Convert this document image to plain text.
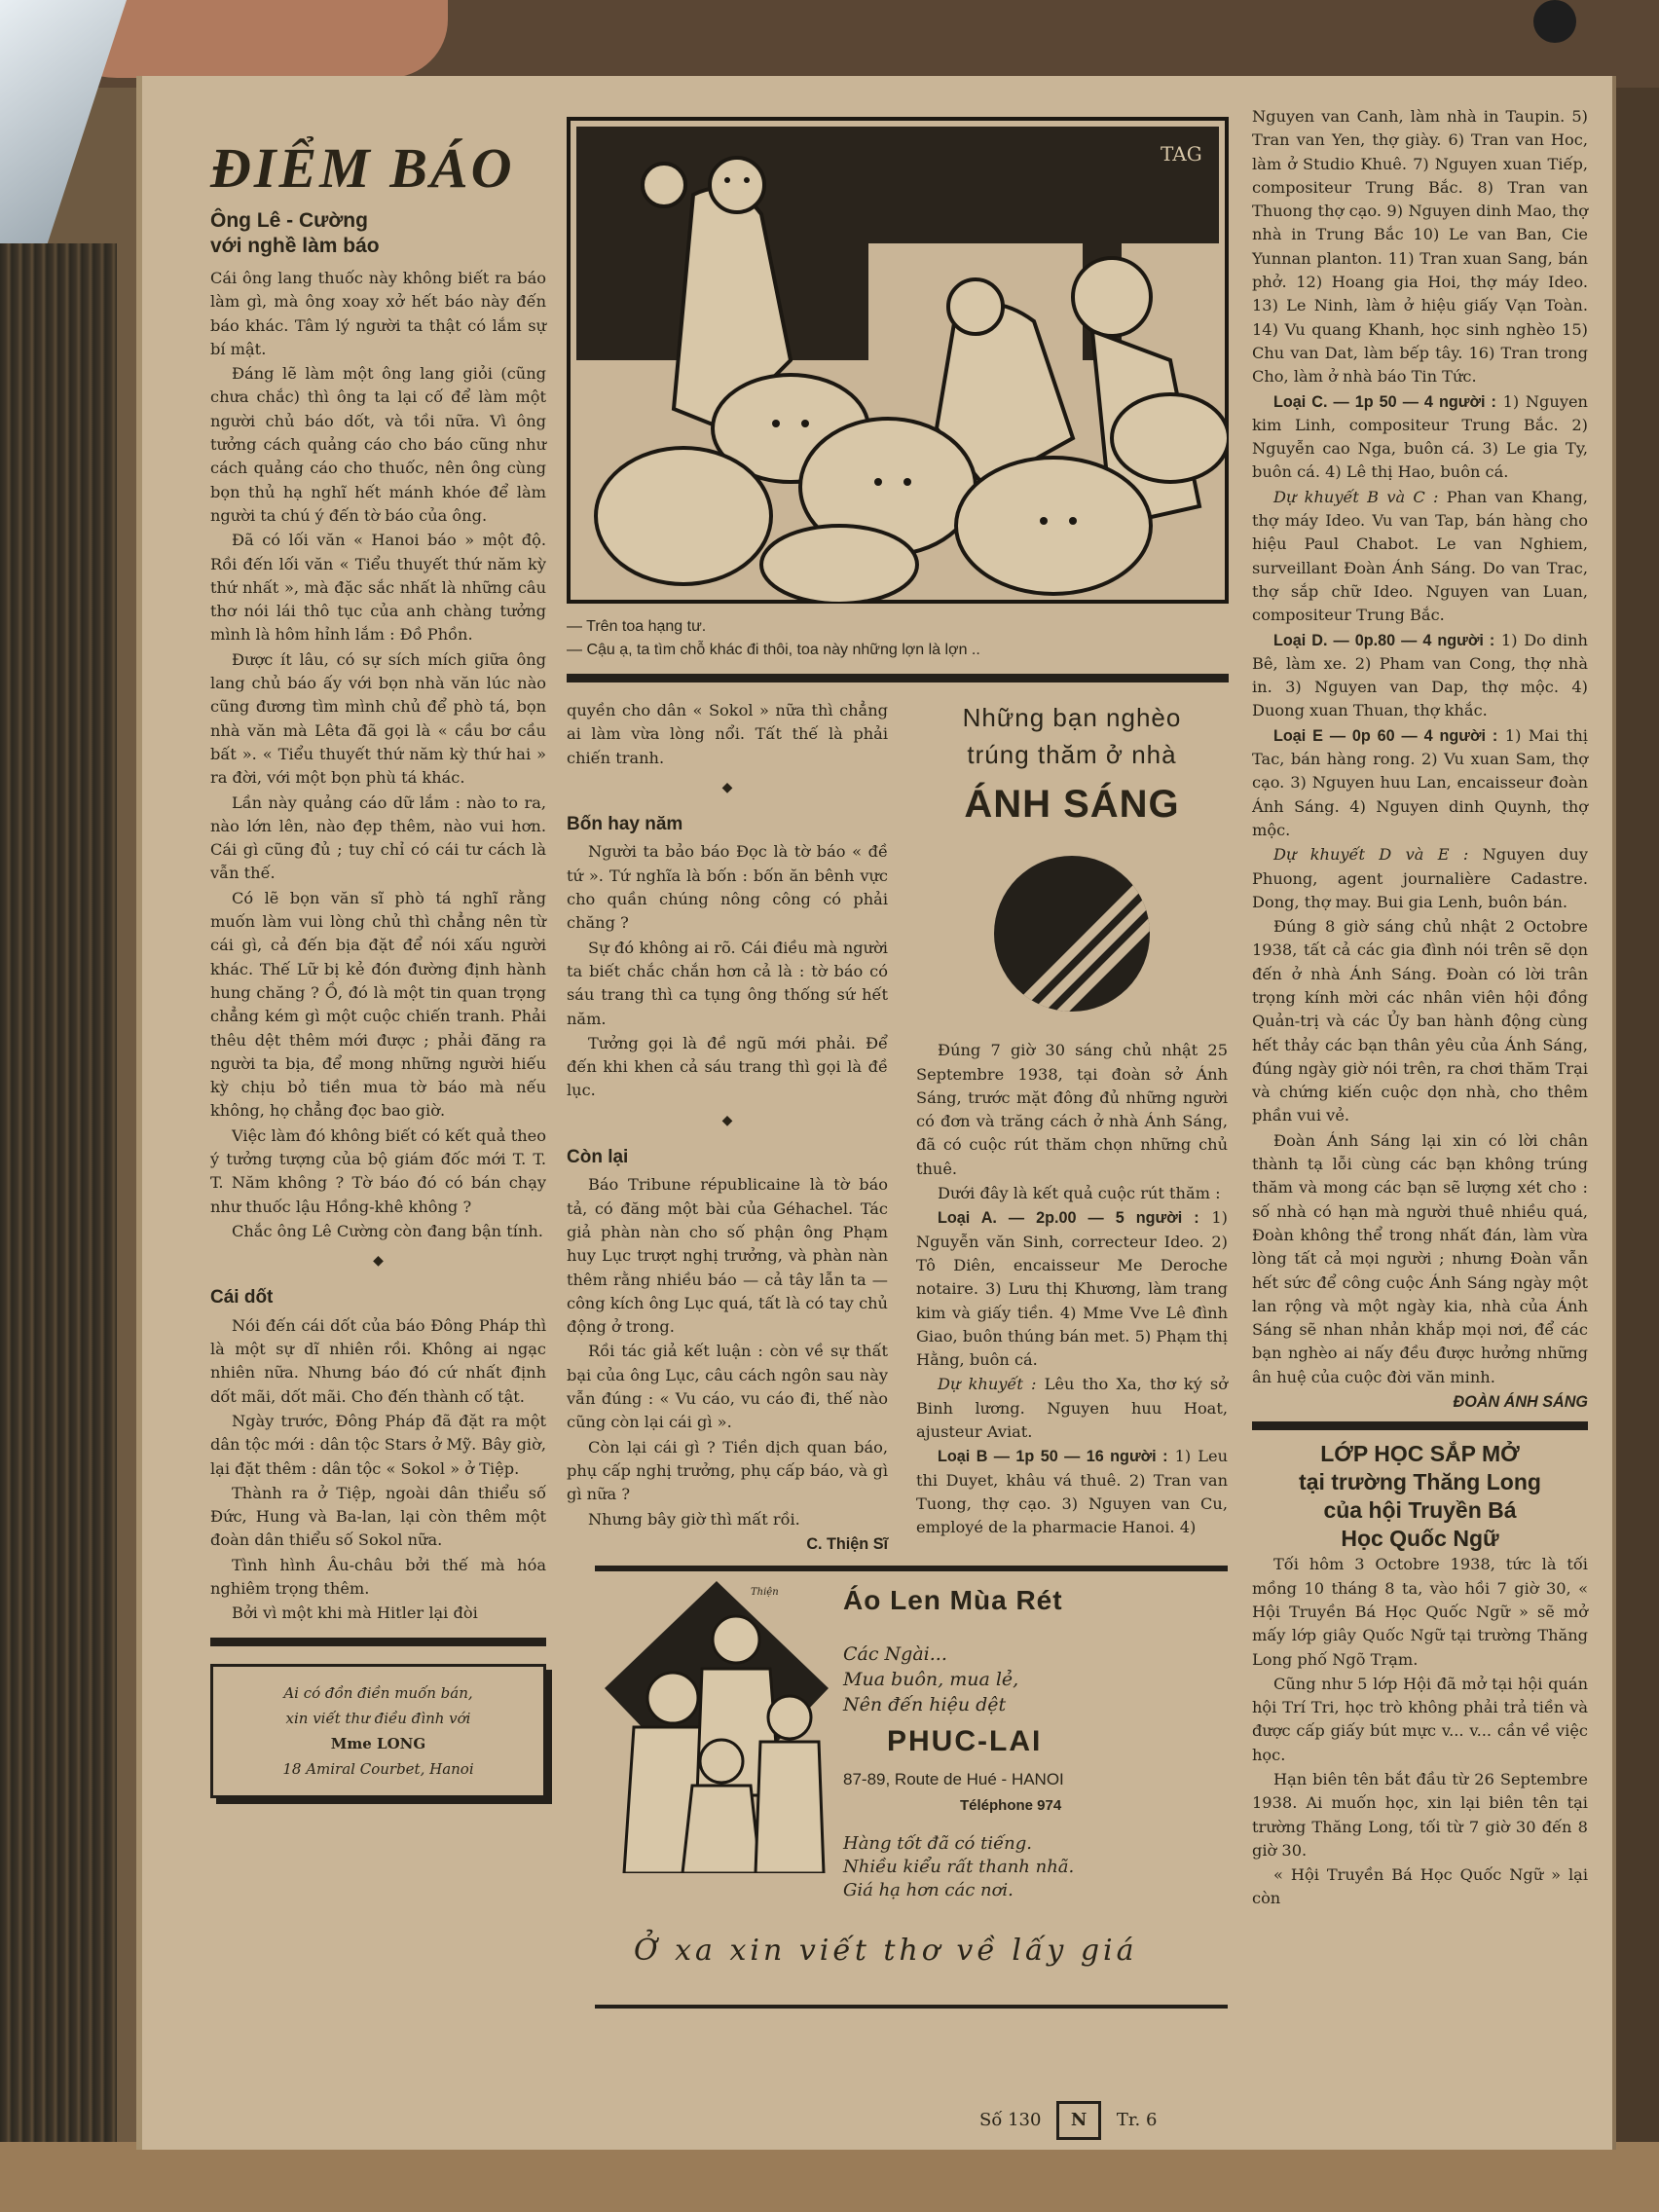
ĐIỂM BÁO
Ông Lê - Cường
với nghề làm báo

Cái ông lang thuốc này không biết ra báo làm gì, mà ông xoay xở hết báo này đến báo khác. Tâm lý người ta thật có lắm sự bí mật.

Đáng lẽ làm một ông lang giỏi (cũng chưa chắc) thì ông ta lại cố để làm một người chủ báo dốt, và tồi nữa. Vì ông tưởng cách quảng cáo cho báo cũng như cách quảng cáo cho thuốc, nên ông cùng bọn thủ hạ nghĩ hết mánh khóe để làm người ta chú ý đến tờ báo của ông.

Đã có lối văn « Hanoi báo » một độ. Rồi đến lối văn « Tiểu thuyết thứ năm kỳ thứ nhất », mà đặc sắc nhất là những câu thơ nói lái thô tục của anh chàng tưởng mình là hôm hỉnh lắm : Đồ Phồn.

Được ít lâu, có sự sích mích giữa ông lang chủ báo ấy với bọn nhà văn lúc nào cũng đương tìm mình chủ để phò tá, bọn nhà văn mà Lêta đã gọi là « cầu bơ cầu bất ». « Tiểu thuyết thứ năm kỳ thứ hai » ra đời, với một bọn phù tá khác.

Lần này quảng cáo dữ lắm : nào to ra, nào lớn lên, nào đẹp thêm, nào vui hơn. Cái gì cũng đủ ; tuy chỉ có cái tư cách là vẫn thế.

Có lẽ bọn văn sĩ phò tá nghĩ rằng muốn làm vui lòng chủ thì chẳng nên từ cái gì, cả đến bịa đặt để nói xấu người khác. Thế Lữ bị kẻ đón đường định hành hung chăng ? Ồ, đó là một tin quan trọng chẳng kém gì một cuộc chiến tranh. Phải thêu dệt thêm mới được ; phải đăng ra người ta bịa, để mong những người hiếu kỳ chịu bỏ tiền mua tờ báo mà nếu không, họ chẳng đọc bao giờ.

Việc làm đó không biết có kết quả theo ý tưởng tượng của bộ giám đốc mới T. T. T. Năm không ? Tờ báo đó có bán chạy như thuốc lậu Hồng-khê không ?

Chắc ông Lê Cường còn đang bận tính.

◆
Cái dốt

Nói đến cái dốt của báo Đông Pháp thì là một sự dĩ nhiên rồi. Không ai ngạc nhiên nữa. Nhưng báo đó cứ nhất định dốt mãi, dốt mãi. Cho đến thành cố tật.

Ngày trước, Đông Pháp đã đặt ra một dân tộc mới : dân tộc Stars ở Mỹ. Bây giờ, lại đặt thêm : dân tộc « Sokol » ở Tiệp.

Thành ra ở Tiệp, ngoài dân thiểu số Đức, Hung và Ba-lan, lại còn thêm một đoàn dân thiểu số Sokol nữa.

Tình hình Âu-châu bởi thế mà hóa nghiêm trọng thêm.

Bởi vì một khi mà Hitler lại đòi

Ai có đồn điền muốn bán,
xin viết thư điều đình với
Mme LONG
18 Amiral Courbet, Hanoi
TAG
— Trên toa hạng tư.
— Cậu ạ, ta tìm chỗ khác đi thôi, toa này những lợn là lợn ..

quyền cho dân « Sokol » nữa thì chẳng ai làm vừa lòng nổi. Tất thế là phải chiến tranh.

◆
Bốn hay năm

Người ta bảo báo Đọc là tờ báo « đề tứ ». Tứ nghĩa là bốn : bốn ăn bênh vực cho quần chúng nông công có phải chăng ?

Sự đó không ai rõ. Cái điều mà người ta biết chắc chắn hơn cả là : tờ báo có sáu trang thì ca tụng ông thống sứ hết năm.

Tưởng gọi là đề ngũ mới phải. Để đến khi khen cả sáu trang thì gọi là đề lục.

◆
Còn lại

Báo Tribune républicaine là tờ báo tả, có đăng một bài của Géhachel. Tác giả phàn nàn cho số phận ông Phạm huy Lục trượt nghị trưởng, và phàn nàn thêm rằng nhiều báo — cả tây lẫn ta — công kích ông Lục quá, tất là có tay chủ động ở trong.

Rồi tác giả kết luận : còn về sự thất bại của ông Lục, câu cách ngôn sau này vẫn đúng : « Vu cáo, vu cáo đi, thế nào cũng còn lại cái gì ».

Còn lại cái gì ? Tiền dịch quan báo, phụ cấp nghị trưởng, phụ cấp báo, và gì gì nữa ?

Nhưng bây giờ thì mất rồi.

C. Thiện Sĩ
Những bạn nghèo
trúng thăm ở nhà
ÁNH SÁNG

Đúng 7 giờ 30 sáng chủ nhật 25 Septembre 1938, tại đoàn sở Ánh Sáng, trước mặt đông đủ những người có đơn và trăng cách ở nhà Ánh Sáng, đã có cuộc rút thăm chọn những chủ thuê.

Dưới đây là kết quả cuộc rút thăm :

Loại A. — 2p.00 — 5 người : 1) Nguyễn văn Sinh, correcteur Ideo. 2) Tô Diên, encaisseur Me Deroche notaire. 3) Lưu thị Khương, làm trang kim và giấy tiền. 4) Mme Vve Lê đình Giao, buôn thúng bán met. 5) Phạm thị Hằng, buôn cá.

Dự khuyết : Lêu tho Xa, thơ ký sở Binh lương. Nguyen huu Hoat, ajusteur Aviat.

Loại B — 1p 50 — 16 người : 1) Leu thi Duyet, khâu vá thuê. 2) Tran van Tuong, thợ cạo. 3) Nguyen van Cu, employé de la pharmacie Hanoi. 4)

Nguyen van Canh, làm nhà in Taupin. 5) Tran van Yen, thợ giày. 6) Tran van Hoc, làm ở Studio Khuê. 7) Nguyen xuan Tiếp, compositeur Trung Bắc. 8) Tran van Thuong thợ cạo. 9) Nguyen dinh Mao, thợ nhà in Trung Bắc 10) Le van Ban, Cie Yunnan planton. 11) Tran xuan Sang, bán phở. 12) Hoang gia Hoi, thợ máy Ideo. 13) Le Ninh, làm ở hiệu giấy Vạn Toàn. 14) Vu quang Khanh, học sinh nghèo 15) Chu van Dat, làm bếp tây. 16) Tran trong Cho, làm ở nhà báo Tin Tức.

Loại C. — 1p 50 — 4 người : 1) Nguyen kim Linh, compositeur Trung Bắc. 2) Nguyễn cao Nga, buôn cá. 3) Le gia Ty, buôn cá. 4) Lê thị Hao, buôn cá.

Dự khuyết B và C : Phan van Khang, thợ máy Ideo. Vu van Tap, bán hàng cho hiệu Paul Chabot. Le van Nghiem, surveillant Đoàn Ánh Sáng. Do van Trac, thợ sắp chữ Ideo. Nguyen van Luan, compositeur Trung Bắc.

Loại D. — 0p.80 — 4 người : 1) Do dinh Bê, làm xe. 2) Pham van Cong, thợ nhà in. 3) Nguyen van Dap, thợ mộc. 4) Duong xuan Thuan, thợ khắc.

Loại E — 0p 60 — 4 người : 1) Mai thị Tac, bán hàng rong. 2) Vu xuan Sam, thợ cạo. 3) Nguyen huu Lan, encaisseur đoàn Ánh Sáng. 4) Nguyen dinh Quynh, thợ mộc.

Dự khuyết D và E : Nguyen duy Phuong, agent journalière Cadastre. Dong, thợ may. Bui gia Lenh, buôn bán.

Đúng 8 giờ sáng chủ nhật 2 Octobre 1938, tất cả các gia đình nói trên sẽ dọn đến ở nhà Ánh Sáng. Đoàn có lời trân trọng kính mời các nhân viên hội đồng Quản-trị và các Ủy ban hành động cùng hết thảy các bạn thân yêu của Ánh Sáng, đúng ngày giờ nói trên, ra chơi thăm Trại và chứng kiến cuộc dọn nhà, cho thêm phần vui vẻ.

Đoàn Ánh Sáng lại xin có lời chân thành tạ lỗi cùng các bạn không trúng thăm và mong các bạn sẽ lượng xét cho : số nhà có hạn mà người thuê nhiều quá, Đoàn không thể trong nhất đán, làm vừa lòng tất cả mọi người ; nhưng Đoàn vẫn hết sức để công cuộc Ánh Sáng ngày một lan rộng và một ngày kia, nhà của Ánh Sáng sẽ nhan nhản khắp mọi nơi, để các bạn nghèo ai nấy đều được hưởng những ân huệ của cuộc đời văn minh.

ĐOÀN ÁNH SÁNG
LỚP HỌC SẮP MỞ
tại trường Thăng Long
của hội Truyền Bá
Học Quốc Ngữ

Tối hôm 3 Octobre 1938, tức là tối mồng 10 tháng 8 ta, vào hồi 7 giờ 30, « Hội Truyền Bá Học Quốc Ngữ » sẽ mở mấy lớp giây Quốc Ngữ tại trường Thăng Long phố Ngõ Trạm.

Cũng như 5 lớp Hội đã mở tại hội quán hội Trí Tri, học trò không phải trả tiền và được cấp giấy bút mực v... v... cần về việc học.

Hạn biên tên bắt đầu từ 26 Septembre 1938. Ai muốn học, xin lại biên tên tại trường Thăng Long, tối từ 7 giờ 30 đến 8 giờ 30.

« Hội Truyền Bá Học Quốc Ngữ » lại còn

Thiện Áo Len Mùa Rét
Các Ngài...
Mua buôn, mua lẻ,
Nên đến hiệu dệt
PHUC-LAI
87-89, Route de Hué - HANOI
Téléphone 974
Hàng tốt đã có tiếng.
Nhiều kiểu rất thanh nhã.
Giá hạ hơn các nơi.
Ở xa xin viết thơ về lấy giá
Số 130 N Tr. 6
